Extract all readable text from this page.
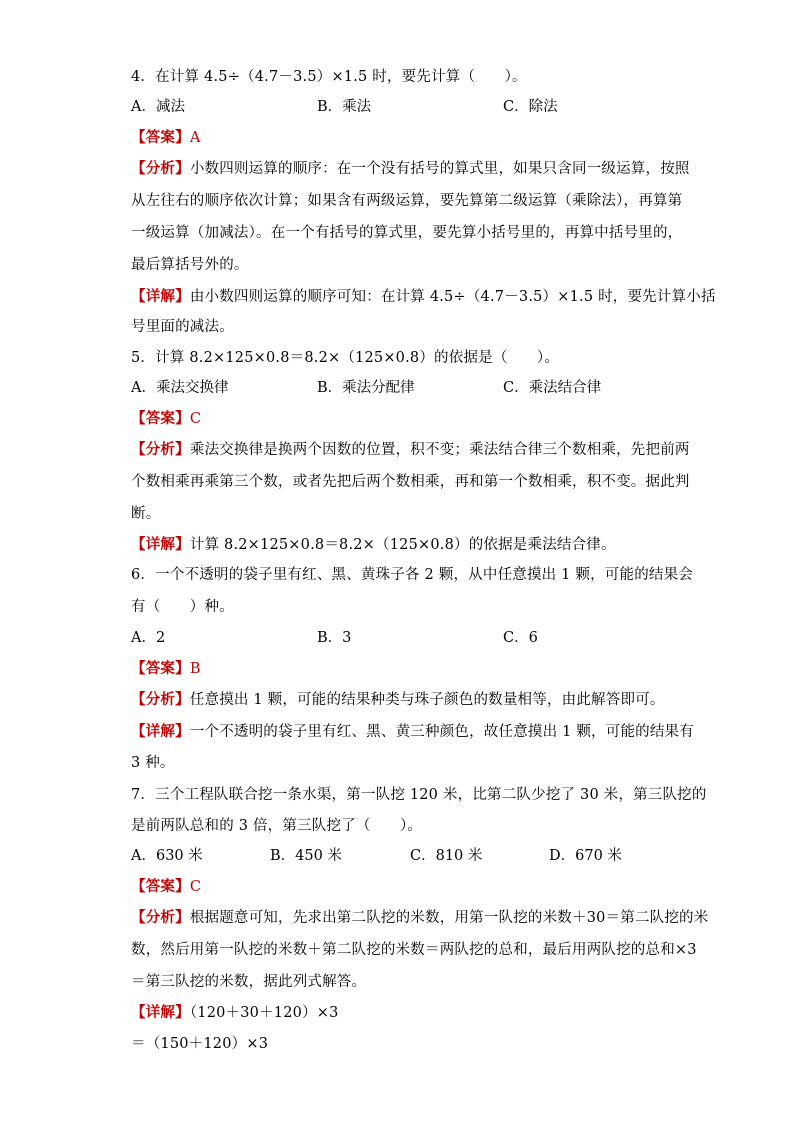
4．在计算 4.5÷（4.7－3.5）×1.5 时，要先计算（　　）。
A．减法	B．乘法	C．除法
【答案】A
【分析】小数四则运算的顺序：在一个没有括号的算式里，如果只含同一级运算，按照
从左往右的顺序依次计算；如果含有两级运算，要先算第二级运算（乘除法），再算第
一级运算（加减法）。在一个有括号的算式里，要先算小括号里的，再算中括号里的，
最后算括号外的。
【详解】由小数四则运算的顺序可知：在计算 4.5÷（4.7－3.5）×1.5 时，要先计算小括
号里面的减法。
5．计算 8.2×125×0.8＝8.2×（125×0.8）的依据是（　　）。
A．乘法交换律	B．乘法分配律	C．乘法结合律
【答案】C
【分析】乘法交换律是换两个因数的位置，积不变；乘法结合律三个数相乘，先把前两
个数相乘再乘第三个数，或者先把后两个数相乘，再和第一个数相乘，积不变。据此判
断。
【详解】计算 8.2×125×0.8＝8.2×（125×0.8）的依据是乘法结合律。
6．一个不透明的袋子里有红、黑、黄珠子各 2 颗，从中任意摸出 1 颗，可能的结果会
有（　　）种。
A．2	B．3	C．6
【答案】B
【分析】任意摸出 1 颗，可能的结果种类与珠子颜色的数量相等，由此解答即可。
【详解】一个不透明的袋子里有红、黑、黄三种颜色，故任意摸出 1 颗，可能的结果有
3 种。
7．三个工程队联合挖一条水渠，第一队挖 120 米，比第二队少挖了 30 米，第三队挖的
是前两队总和的 3 倍，第三队挖了（　　）。
A．630 米	B．450 米	C．810 米	D．670 米
【答案】C
【分析】根据题意可知，先求出第二队挖的米数，用第一队挖的米数＋30＝第二队挖的米
数，然后用第一队挖的米数＋第二队挖的米数＝两队挖的总和，最后用两队挖的总和×3
＝第三队挖的米数，据此列式解答。
【详解】（120＋30＋120）×3
＝（150＋120）×3
